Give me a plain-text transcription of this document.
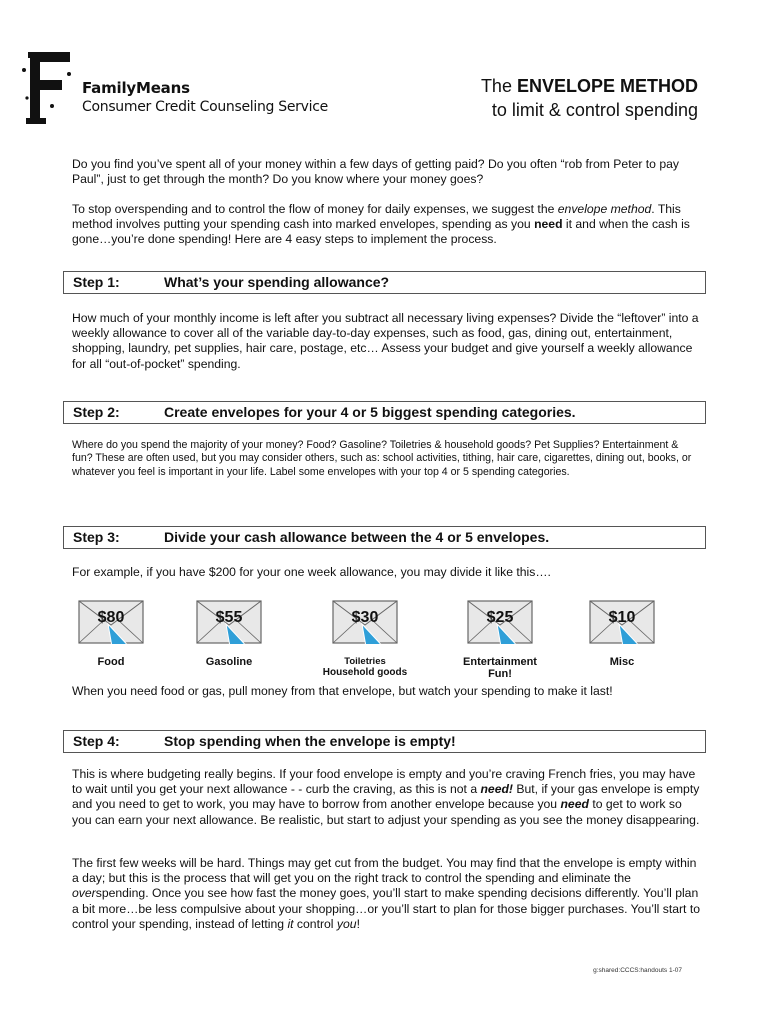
FamilyMeans
Consumer Credit Counseling Service
The ENVELOPE METHOD
to limit & control spending
Do you find you’ve spent all of your money within a few days of getting paid? Do you often “rob from Peter to pay Paul”, just to get through the month? Do you know where your money goes?
To stop overspending and to control the flow of money for daily expenses, we suggest the envelope method. This method involves putting your spending cash into marked envelopes, spending as you need it and when the cash is gone…you’re done spending! Here are 4 easy steps to implement the process.
Step 1:	What’s your spending allowance?
How much of your monthly income is left after you subtract all necessary living expenses? Divide the “leftover” into a weekly allowance to cover all of the variable day-to-day expenses, such as food, gas, dining out, entertainment, shopping, laundry, pet supplies, hair care, postage, etc… Assess your budget and give yourself a weekly allowance for all “out-of-pocket” spending.
Step 2:	Create envelopes for your 4 or 5 biggest spending categories.
Where do you spend the majority of your money? Food? Gasoline? Toiletries & household goods? Pet Supplies? Entertainment & fun? These are often used, but you may consider others, such as: school activities, tithing, hair care, cigarettes, dining out, books, or whatever you feel is important in your life. Label some envelopes with your top 4 or 5 spending categories.
Step 3:	Divide your cash allowance between the 4 or 5 envelopes.
For example, if you have $200 for your one week allowance, you may divide it like this….
$80
Food
$55
Gasoline
$30
Toiletries
Household goods
$25
Entertainment
Fun!
$10
Misc
When you need food or gas, pull money from that envelope, but watch your spending to make it last!
Step 4:	Stop spending when the envelope is empty!
This is where budgeting really begins. If your food envelope is empty and you’re craving French fries, you may have to wait until you get your next allowance - - curb the craving, as this is not a need! But, if your gas envelope is empty and you need to get to work, you may have to borrow from another envelope because you need to get to work so you can earn your next allowance. Be realistic, but start to adjust your spending as you see the money disappearing.
The first few weeks will be hard. Things may get cut from the budget. You may find that the envelope is empty within a day; but this is the process that will get you on the right track to control the spending and eliminate the overspending. Once you see how fast the money goes, you’ll start to make spending decisions differently. You’ll plan a bit more…be less compulsive about your shopping…or you’ll start to plan for those bigger purchases. You’ll start to control your spending, instead of letting it control you!
g:shared:CCCS:handouts 1-07
